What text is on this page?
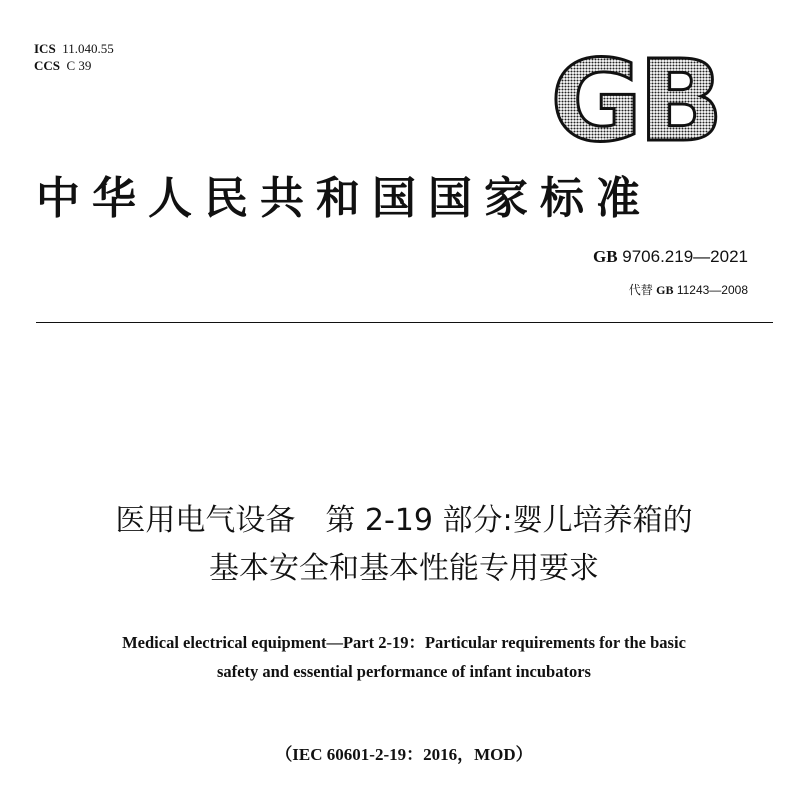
ICS 11.040.55
CCS C 39	GB
中华人民共和国国家标准
GB 9706.219—2021
代替 GB 11243—2008
医用电气设备　第 2-19 部分:婴儿培养箱的
基本安全和基本性能专用要求
Medical electrical equipment—Part 2-19：Particular requirements for the basic
safety and essential performance of infant incubators
（IEC 60601-2-19：2016，MOD）
